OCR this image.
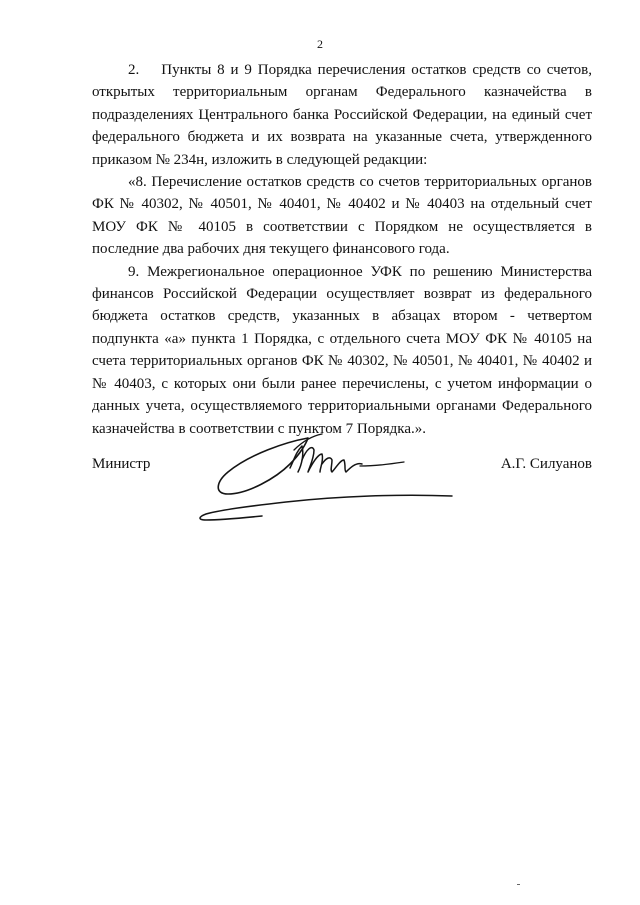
2

2. Пункты 8 и 9 Порядка перечисления остатков средств со счетов, открытых территориальным органам Федерального казначейства в подразделениях Центрального банка Российской Федерации, на единый счет федерального бюджета и их возврата на указанные счета, утвержденного приказом № 234н, изложить в следующей редакции:

«8. Перечисление остатков средств со счетов территориальных органов ФК № 40302, № 40501, № 40401, № 40402 и № 40403 на отдельный счет МОУ ФК № 40105 в соответствии с Порядком не осуществляется в последние два рабочих дня текущего финансового года.

9. Межрегиональное операционное УФК по решению Министерства финансов Российской Федерации осуществляет возврат из федерального бюджета остатков средств, указанных в абзацах втором - четвертом подпункта «а» пункта 1 Порядка, с отдельного счета МОУ ФК № 40105 на счета территориальных органов ФК № 40302, № 40501, № 40401, № 40402 и № 40403, с которых они были ранее перечислены, с учетом информации о данных учета, осуществляемого территориальными органами Федерального казначейства в соответствии с пунктом 7 Порядка.».

Министр	А.Г. Силуанов
